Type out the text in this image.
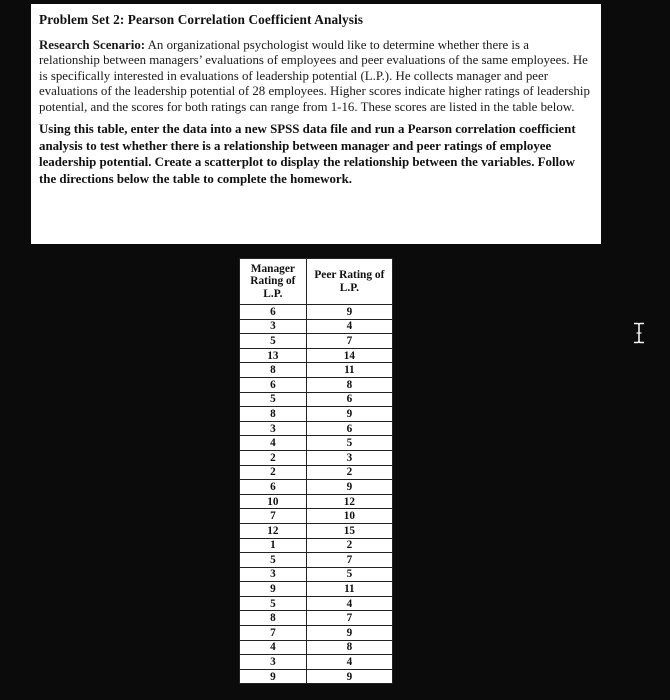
Problem Set 2: Pearson Correlation Coefficient Analysis

Research Scenario: An organizational psychologist would like to determine whether there is a relationship between managers’ evaluations of employees and peer evaluations of the same employees. He is specifically interested in evaluations of leadership potential (L.P.). He collects manager and peer evaluations of the leadership potential of 28 employees. Higher scores indicate higher ratings of leadership potential, and the scores for both ratings can range from 1-16. These scores are listed in the table below.

Using this table, enter the data into a new SPSS data file and run a Pearson correlation coefficient analysis to test whether there is a relationship between manager and peer ratings of employee leadership potential. Create a scatterplot to display the relationship between the variables. Follow the directions below the table to complete the homework.

Manager Rating of L.P.	Peer Rating of L.P.
6	9
3	4
5	7
13	14
8	11
6	8
5	6
8	9
3	6
4	5
2	3
2	2
6	9
10	12
7	10
12	15
1	2
5	7
3	5
9	11
5	4
8	7
7	9
4	8
3	4
9	9
